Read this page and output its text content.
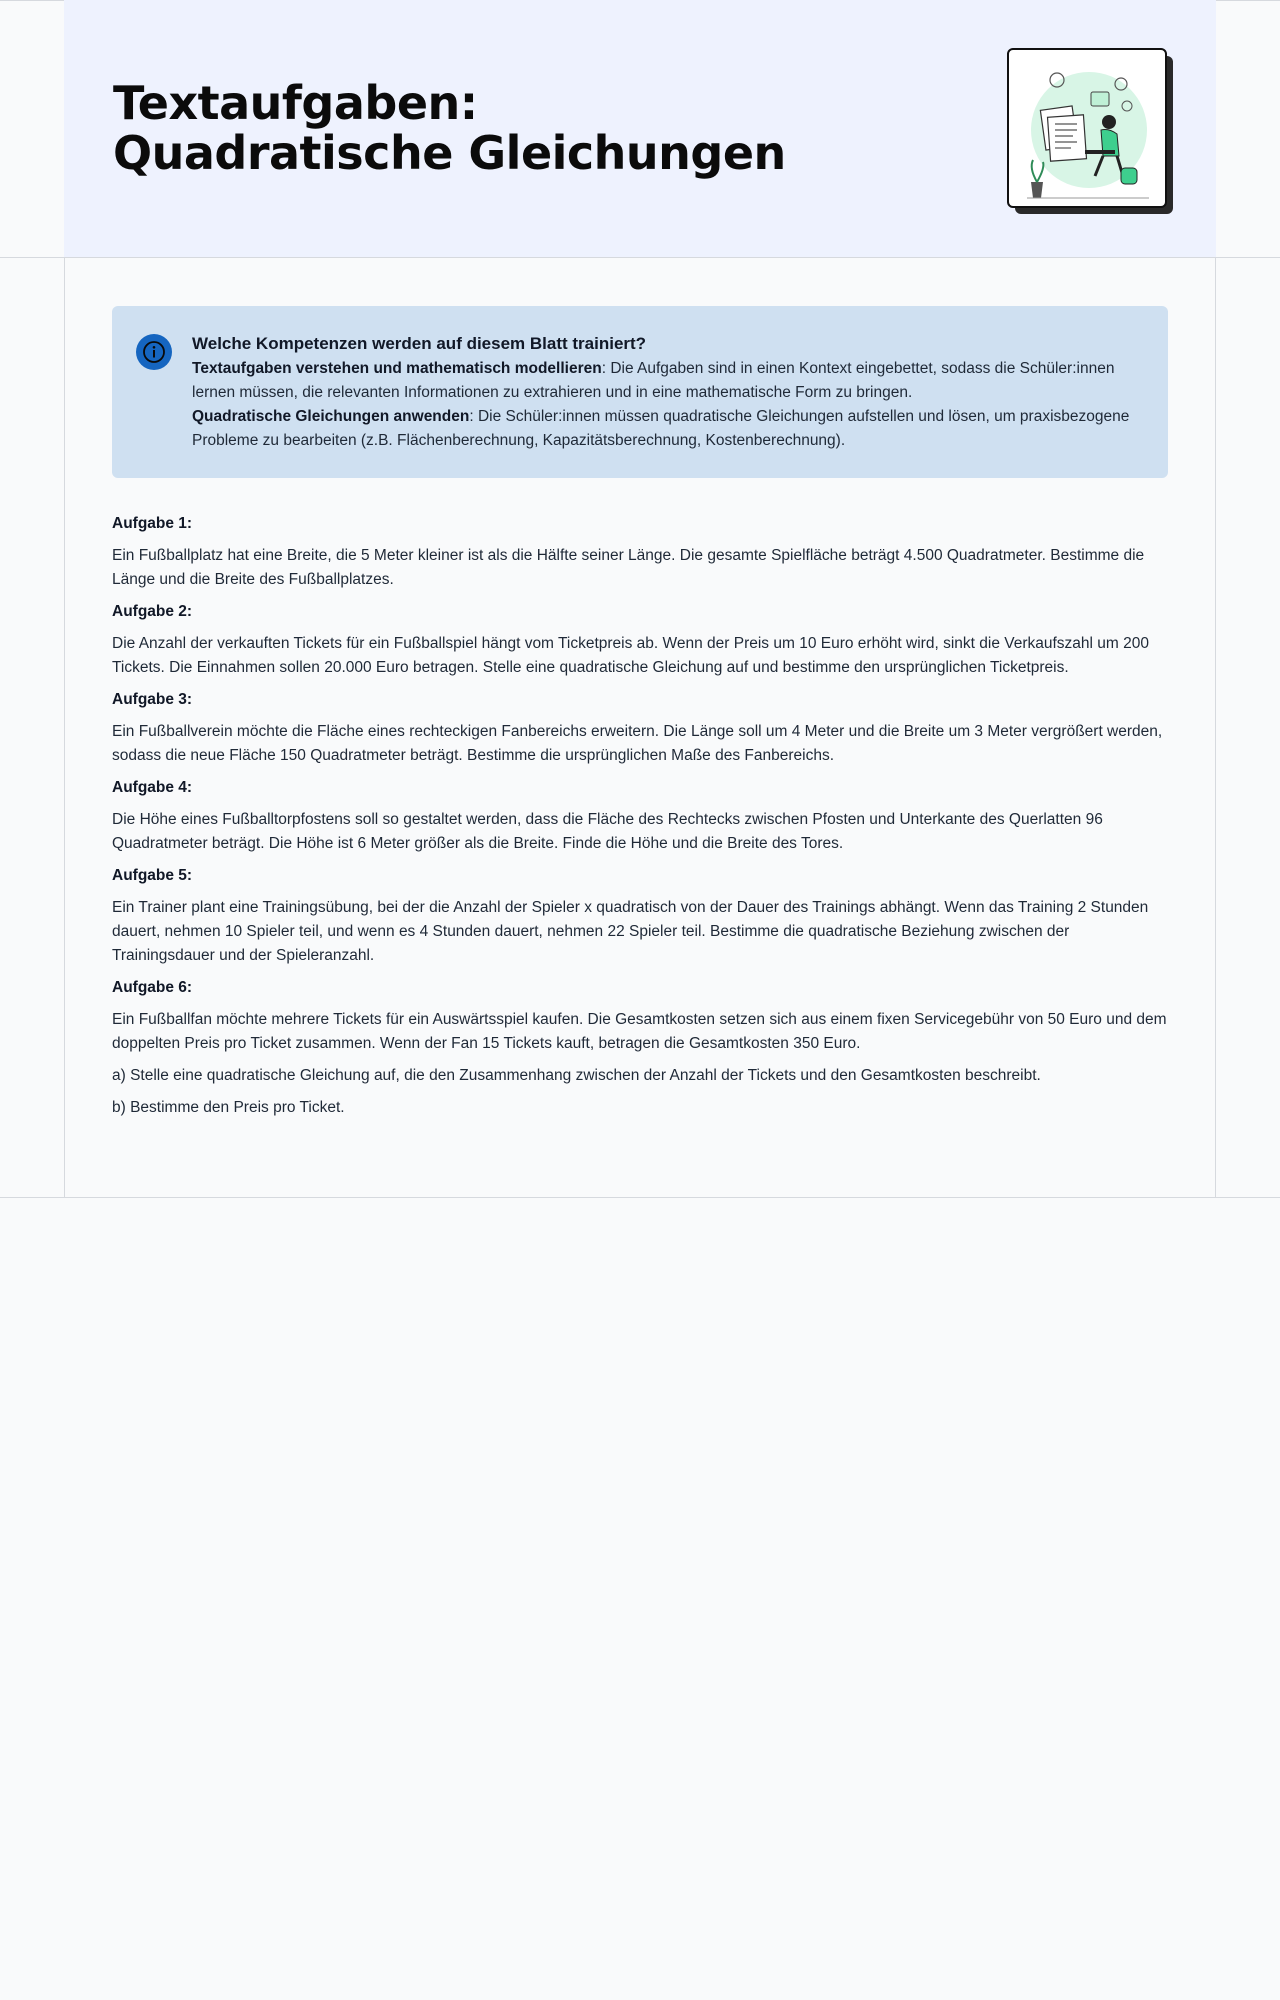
Textaufgaben:
Quadratische Gleichungen
Welche Kompetenzen werden auf diesem Blatt trainiert?

Textaufgaben verstehen und mathematisch modellieren: Die Aufgaben sind in einen Kontext eingebettet, sodass die Schüler:innen lernen müssen, die relevanten Informationen zu extrahieren und in eine mathematische Form zu bringen.

Quadratische Gleichungen anwenden: Die Schüler:innen müssen quadratische Gleichungen aufstellen und lösen, um praxisbezogene Probleme zu bearbeiten (z.B. Flächenberechnung, Kapazitätsberechnung, Kostenberechnung).

Aufgabe 1:

Ein Fußballplatz hat eine Breite, die 5 Meter kleiner ist als die Hälfte seiner Länge. Die gesamte Spielfläche beträgt 4.500 Quadratmeter. Bestimme die Länge und die Breite des Fußballplatzes.

Aufgabe 2:

Die Anzahl der verkauften Tickets für ein Fußballspiel hängt vom Ticketpreis ab. Wenn der Preis um 10 Euro erhöht wird, sinkt die Verkaufszahl um 200 Tickets. Die Einnahmen sollen 20.000 Euro betragen. Stelle eine quadratische Gleichung auf und bestimme den ursprünglichen Ticketpreis.

Aufgabe 3:

Ein Fußballverein möchte die Fläche eines rechteckigen Fanbereichs erweitern. Die Länge soll um 4 Meter und die Breite um 3 Meter vergrößert werden, sodass die neue Fläche 150 Quadratmeter beträgt. Bestimme die ursprünglichen Maße des Fanbereichs.

Aufgabe 4:

Die Höhe eines Fußballtorpfostens soll so gestaltet werden, dass die Fläche des Rechtecks zwischen Pfosten und Unterkante des Querlatten 96 Quadratmeter beträgt. Die Höhe ist 6 Meter größer als die Breite. Finde die Höhe und die Breite des Tores.

Aufgabe 5:

Ein Trainer plant eine Trainingsübung, bei der die Anzahl der Spieler x quadratisch von der Dauer des Trainings abhängt. Wenn das Training 2 Stunden dauert, nehmen 10 Spieler teil, und wenn es 4 Stunden dauert, nehmen 22 Spieler teil. Bestimme die quadratische Beziehung zwischen der Trainingsdauer und der Spieleranzahl.

Aufgabe 6:

Ein Fußballfan möchte mehrere Tickets für ein Auswärtsspiel kaufen. Die Gesamtkosten setzen sich aus einem fixen Servicegebühr von 50 Euro und dem doppelten Preis pro Ticket zusammen. Wenn der Fan 15 Tickets kauft, betragen die Gesamtkosten 350 Euro.

a) Stelle eine quadratische Gleichung auf, die den Zusammenhang zwischen der Anzahl der Tickets und den Gesamtkosten beschreibt.

b) Bestimme den Preis pro Ticket.
